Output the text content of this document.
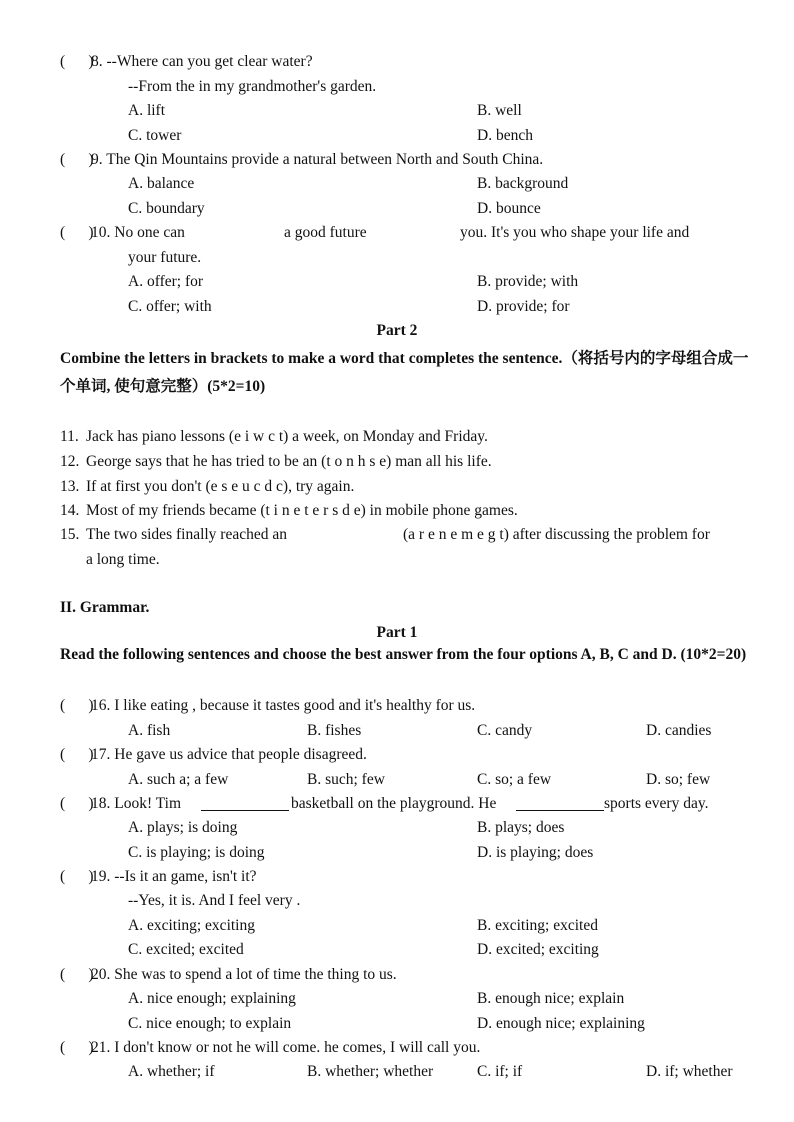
(      )
8. --Where can you get clear water?
--From the in my grandmother's garden.
A. lift	B. well
C. tower	D. bench
(      )
9. The Qin Mountains provide a natural between North and South China.
A. balance	B. background
C. boundary	D. bounce
(      )
10. No one can	a good future	you. It's you who shape your life and
your future.
A. offer; for	B. provide; with
C. offer; with	D. provide; for
Part 2
Combine the letters in brackets to make a word that completes the sentence.（将括号内的字母组合成一个单词, 使句意完整）(5*2=10)
11. Jack has piano lessons (e i w c t) a week, on Monday and Friday.
12. George says that he has tried to be an (t o n h s e) man all his life.
13. If at first you don't (e s e u c d c), try again.
14. Most of my friends became (t i n e t e r s d e) in mobile phone games.
15. The two sides finally reached an	(a r e n e m e g t) after discussing the problem for
a long time.
II. Grammar.
Part 1
Read the following sentences and choose the best answer from the four options A, B, C and D. (10*2=20)
(      )
16. I like eating , because it tastes good and it's healthy for us.
A. fish	B. fishes	C. candy	D. candies
(      )
17. He gave us advice that people disagreed.
A. such a; a few	B. such; few	C. so; a few	D. so; few
(      )
18. Look! Tim	basketball on the playground. He	sports every day.
A. plays; is doing	B. plays; does
C. is playing; is doing	D. is playing; does
(      )
19. --Is it an game, isn't it?
--Yes, it is. And I feel very .
A. exciting; exciting	B. exciting; excited
C. excited; excited	D. excited; exciting
(      )
20. She was to spend a lot of time the thing to us.
A. nice enough; explaining	B. enough nice; explain
C. nice enough; to explain	D. enough nice; explaining
(      )
21. I don't know or not he will come. he comes, I will call you.
A. whether; if	B. whether; whether	C. if; if	D. if; whether
